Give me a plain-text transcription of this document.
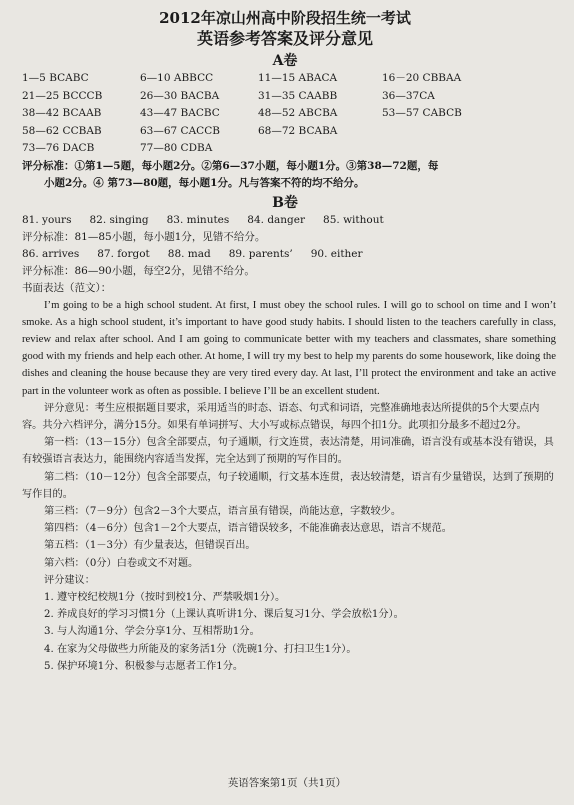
2012年凉山州高中阶段招生统一考试
英语参考答案及评分意见
A卷
1—5 BCABC	6—10 ABBCC	11—15 ABACA	16－20 CBBAA
21—25 BCCCB	26—30 BACBA	31—35 CAABB	36—37CA
38—42 BCAAB	43—47 BACBC	48—52 ABCBA	53—57 CABCB
58—62 CCBAB	63—67 CACCB	68—72 BCABA
73—76 DACB	77—80 CDBA
评分标准：①第1—5题，每小题2分。②第6—37小题，每小题1分。③第38—72题，每
小题2分。④ 第73—80题，每小题1分。凡与答案不符的均不给分。
B卷
81. yours 82. singing 83. minutes 84. danger 85. without
评分标准：81—85小题，每小题1分，见错不给分。
86. arrives 87. forgot 88. mad 89. parents’ 90. either
评分标准：86—90小题，每空2分，见错不给分。
书面表达（范文）：

I’m going to be a high school student. At first, I must obey the school rules. I will go to school on time and I won’t smoke. As a high school student, it’s important to have good study habits. I should listen to the teachers carefully in class, review and relax after school. And I am going to communicate better with my teachers and classmates, share something good with my friends and help each other. At home, I will try my best to help my parents do some housework, like doing the dishes and cleaning the house because they are very tired every day. At last, I’ll protect the environment and take an active part in the volunteer work as often as possible. I believe I’ll be an excellent student.

评分意见：考生应根据题目要求，采用适当的时态、语态、句式和词语，完整准确地表达所提供的5个大要点内容。共分六档评分，满分15分。如果有单词拼写、大小写或标点错误，每四个扣1分。此项扣分最多不超过2分。

第一档：（13－15分）包含全部要点，句子通顺，行文连贯，表达清楚，用词准确，语言没有或基本没有错误，具有较强语言表达力，能围绕内容适当发挥，完全达到了预期的写作目的。

第二档：（10－12分）包含全部要点，句子较通顺，行文基本连贯，表达较清楚，语言有少量错误，达到了预期的写作目的。

第三档：（7－9分）包含2－3个大要点，语言虽有错误，尚能达意，字数较少。

第四档：（4－6分）包含1－2个大要点，语言错误较多，不能准确表达意思，语言不规范。

第五档：（1－3分）有少量表达，但错误百出。

第六档：（0分）白卷或文不对题。

评分建议：

1. 遵守校纪校规1分（按时到校1分、严禁吸烟1分）。

2. 养成良好的学习习惯1分（上课认真听讲1分、课后复习1分、学会放松1分）。

3. 与人沟通1分、学会分享1分、互相帮助1分。

4. 在家为父母做些力所能及的家务活1分（洗碗1分、打扫卫生1分）。

5. 保护环境1分、积极参与志愿者工作1分。

英语答案第1页（共1页）
